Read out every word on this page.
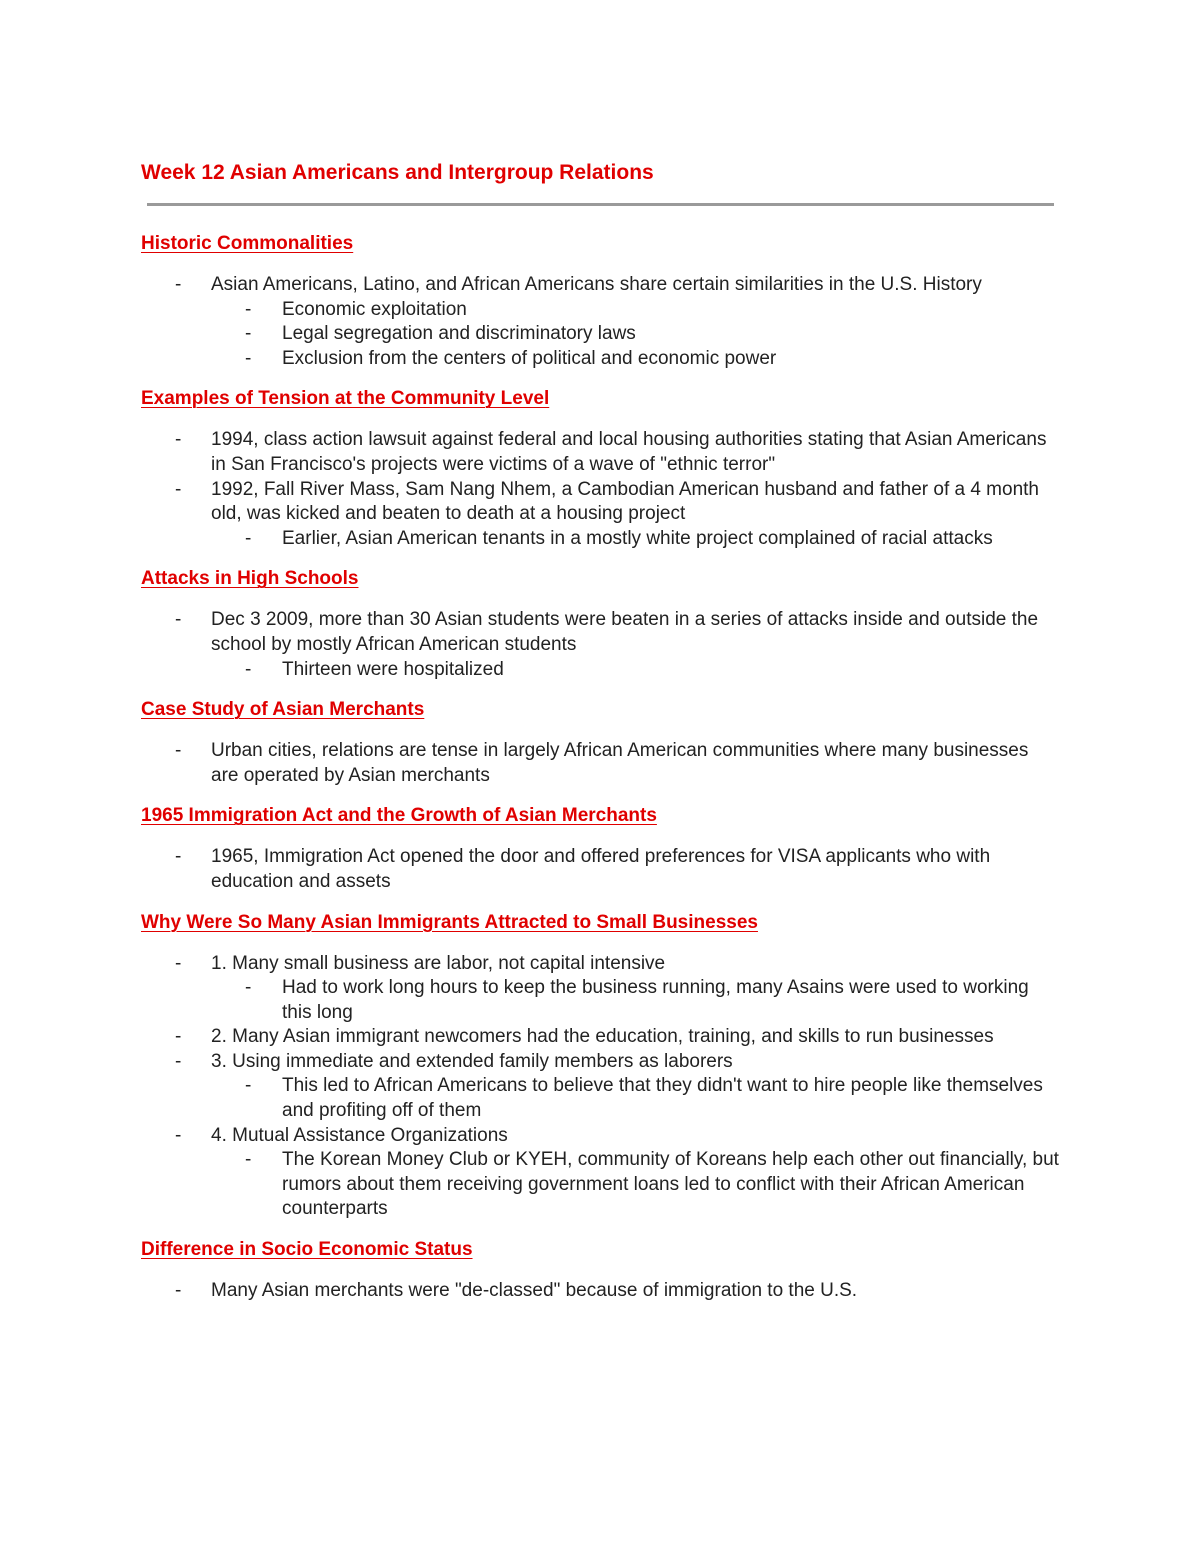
Week 12 Asian Americans and Intergroup Relations
Historic Commonalities
-	Asian Americans, Latino, and African Americans share certain similarities in the U.S. History
-	Economic exploitation
-	Legal segregation and discriminatory laws
-	Exclusion from the centers of political and economic power
Examples of Tension at the Community Level
-	1994, class action lawsuit against federal and local housing authorities stating that Asian Americans in San Francisco's projects were victims of a wave of "ethnic terror"
-	1992, Fall River Mass, Sam Nang Nhem, a Cambodian American husband and father of a 4 month old, was kicked and beaten to death at a housing project
-	Earlier, Asian American tenants in a mostly white project complained of racial attacks
Attacks in High Schools
-	Dec 3 2009, more than 30 Asian students were beaten in a series of attacks inside and outside the school by mostly African American students
-	Thirteen were hospitalized
Case Study of Asian Merchants
-	Urban cities, relations are tense in largely African American communities where many businesses are operated by Asian merchants
1965 Immigration Act and the Growth of Asian Merchants
-	1965, Immigration Act opened the door and offered preferences for VISA applicants who with education and assets
Why Were So Many Asian Immigrants Attracted to Small Businesses
-	1. Many small business are labor, not capital intensive
-	Had to work long hours to keep the business running, many Asains were used to working this long
-	2. Many Asian immigrant newcomers had the education, training, and skills to run businesses
-	3. Using immediate and extended family members as laborers
-	This led to African Americans to believe that they didn't want to hire people like themselves and profiting off of them
-	4. Mutual Assistance Organizations
-	The Korean Money Club or KYEH, community of Koreans help each other out financially, but rumors about them receiving government loans led to conflict with their African American counterparts
Difference in Socio Economic Status
-	Many Asian merchants were "de-classed" because of immigration to the U.S.
